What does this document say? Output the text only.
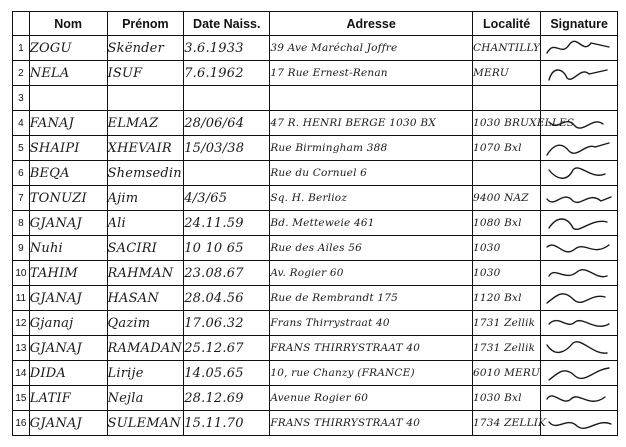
	Nom	Prénom	Date Naiss.	Adresse	Localité	Signature
1	ZOGU	Skënder	3.6.1933	39 Ave Maréchal Joffre	CHANTILLY	

2	NELA	ISUF	7.6.1962	17 Rue Ernest-Renan	MERU	

3						
4	FANAJ	ELMAZ	28/06/64	47 R. HENRI BERGE 1030 BX	1030 BRUXELLES	

5	SHAIPI	XHEVAIR	15/03/38	Rue Birmingham 388	1070 Bxl	

6	BEQA	Shemsedin		Rue du Cornuel 6		

7	TONUZI	Ajim	4/3/65	Sq. H. Berlioz	9400 NAZ	

8	GJANAJ	Ali	24.11.59	Bd. Metteweie 461	1080 Bxl	

9	Nuhi	SACIRI	10 10 65	Rue des Ailes 56	1030	

10	TAHIM	RAHMAN	23.08.67	Av. Rogier 60	1030	

11	GJANAJ	HASAN	28.04.56	Rue de Rembrandt 175	1120 Bxl	

12	Gjanaj	Qazim	17.06.32	Frans Thirrystraat 40	1731 Zellik	

13	GJANAJ	RAMADAN	25.12.67	FRANS THIRRYSTRAAT 40	1731 Zellik	

14	DIDA	Lirije	14.05.65	10, rue Chanzy (FRANCE)	6010 MERU	

15	LATIF	Nejla	28.12.69	Avenue Rogier 60	1030 Bxl	

16	GJANAJ	SULEMAN	15.11.70	FRANS THIRRYSTRAAT 40	1734 ZELLIK	
